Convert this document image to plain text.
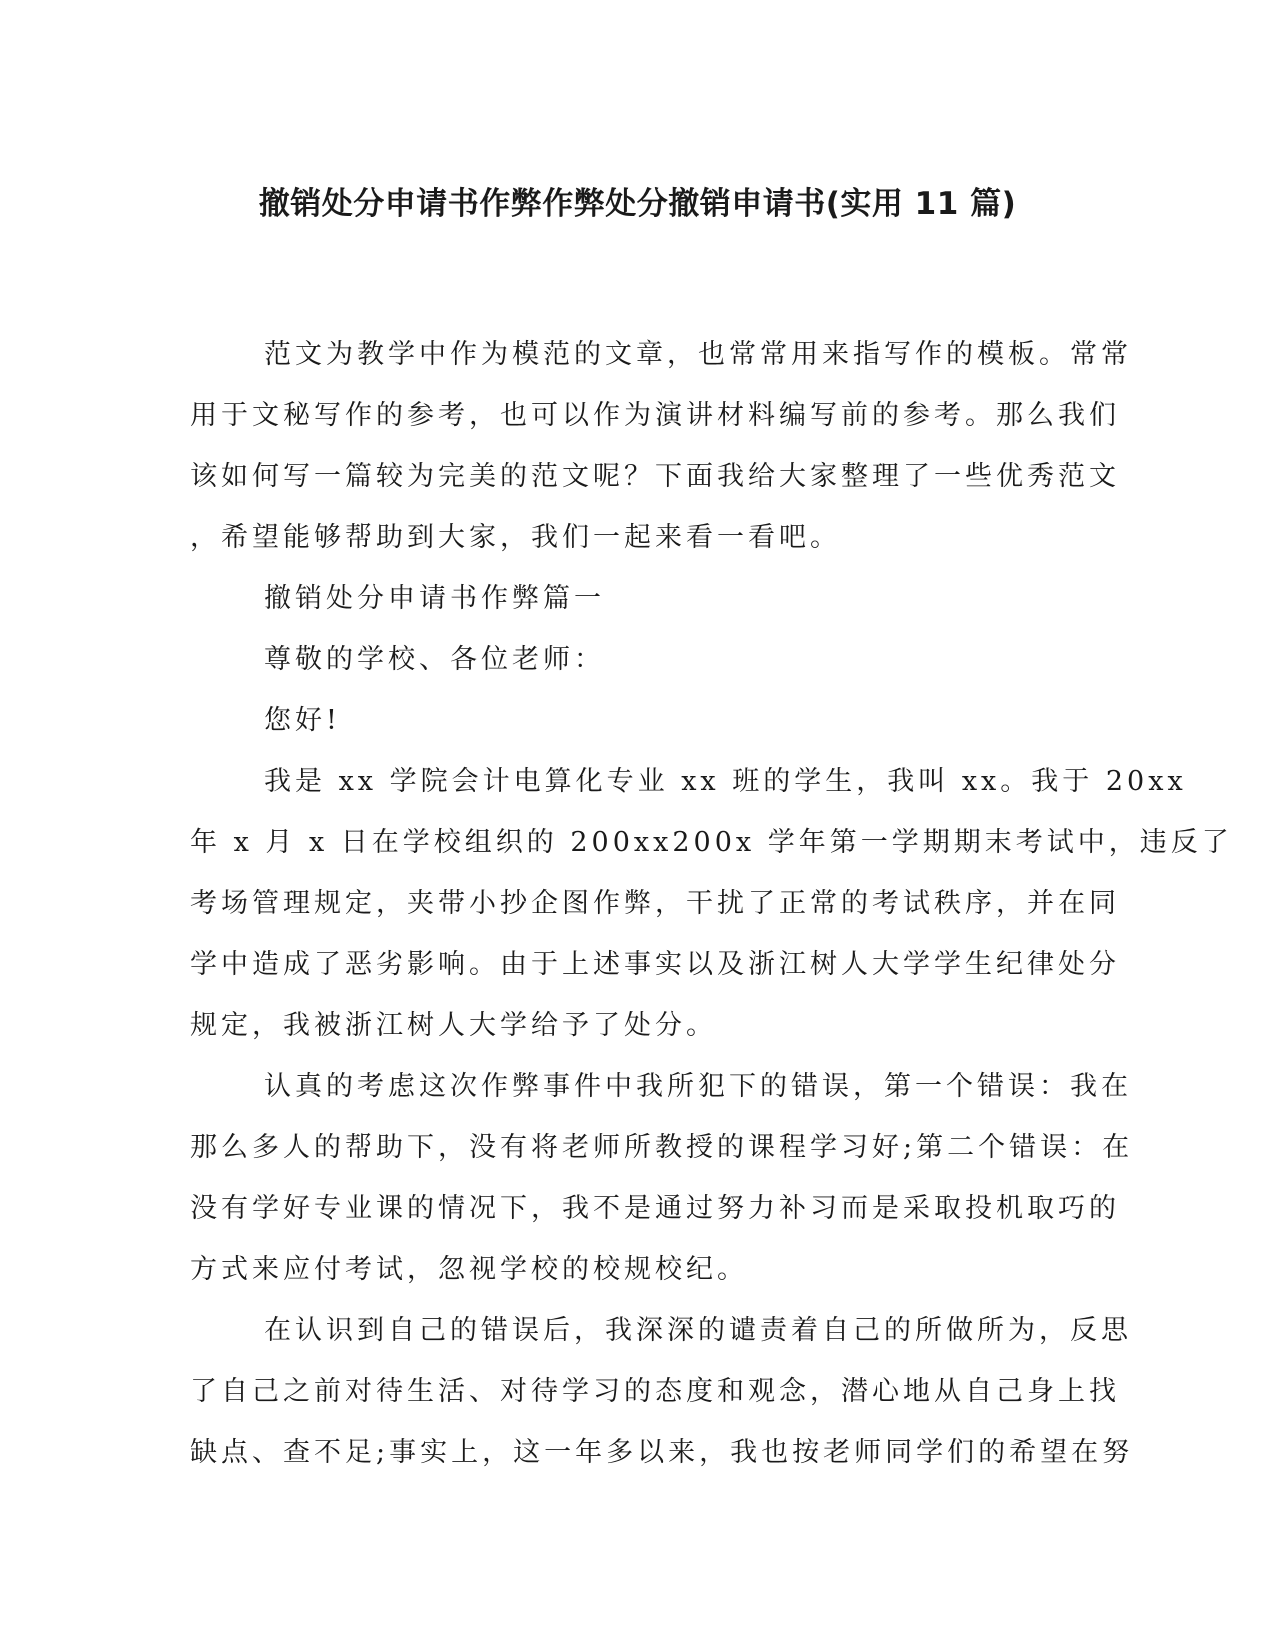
撤销处分申请书作弊作弊处分撤销申请书(实用 11 篇)
范文为教学中作为模范的文章，也常常用来指写作的模板。常常
用于文秘写作的参考，也可以作为演讲材料编写前的参考。那么我们
该如何写一篇较为完美的范文呢？下面我给大家整理了一些优秀范文
，希望能够帮助到大家，我们一起来看一看吧。
撤销处分申请书作弊篇一
尊敬的学校、各位老师：
您好!
我是 xx 学院会计电算化专业 xx 班的学生，我叫 xx。我于 20xx
年 x 月 x 日在学校组织的 200xx200x 学年第一学期期末考试中，违反了
考场管理规定，夹带小抄企图作弊，干扰了正常的考试秩序，并在同
学中造成了恶劣影响。由于上述事实以及浙江树人大学学生纪律处分
规定，我被浙江树人大学给予了处分。
认真的考虑这次作弊事件中我所犯下的错误，第一个错误：我在
那么多人的帮助下，没有将老师所教授的课程学习好;第二个错误：在
没有学好专业课的情况下，我不是通过努力补习而是采取投机取巧的
方式来应付考试，忽视学校的校规校纪。
在认识到自己的错误后，我深深的谴责着自己的所做所为，反思
了自己之前对待生活、对待学习的态度和观念，潜心地从自己身上找
缺点、查不足;事实上，这一年多以来，我也按老师同学们的希望在努
